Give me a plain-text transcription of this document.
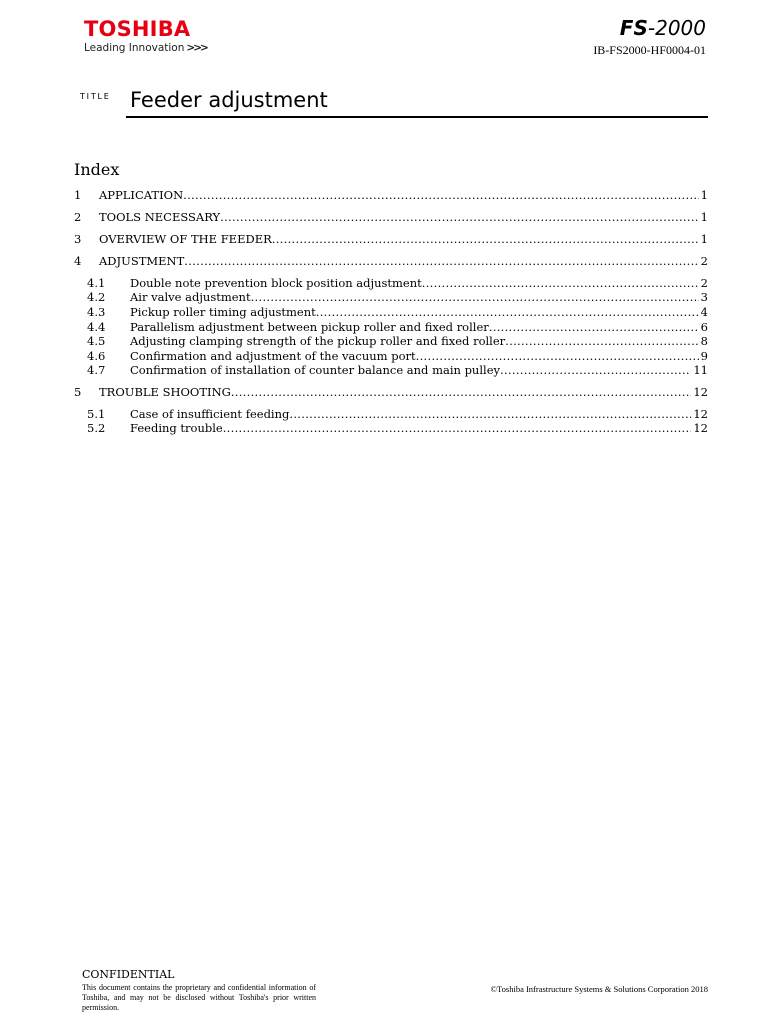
TOSHIBA
Leading Innovation >>>
FS-2000
IB-FS2000-HF0004-01
TITLE Feeder adjustment
Index
1	APPLICATION .....	1
2	TOOLS NECESSARY .....	1
3	OVERVIEW OF THE FEEDER .....	1
4	ADJUSTMENT .....	2
4.1	Double note prevention block position adjustment .....	2
4.2	Air valve adjustment .....	3
4.3	Pickup roller timing adjustment .....	4
4.4	Parallelism adjustment between pickup roller and fixed roller .....	6
4.5	Adjusting clamping strength of the pickup roller and fixed roller .....	8
4.6	Confirmation and adjustment of the vacuum port .....	9
4.7	Confirmation of installation of counter balance and main pulley .....	11
5	TROUBLE SHOOTING .....	12
5.1	Case of insufficient feeding .....	12
5.2	Feeding trouble .....	12
CONFIDENTIAL
This document contains the proprietary and confidential information of Toshiba, and may not be disclosed without Toshiba's prior written permission.
©Toshiba Infrastructure Systems & Solutions Corporation 2018
